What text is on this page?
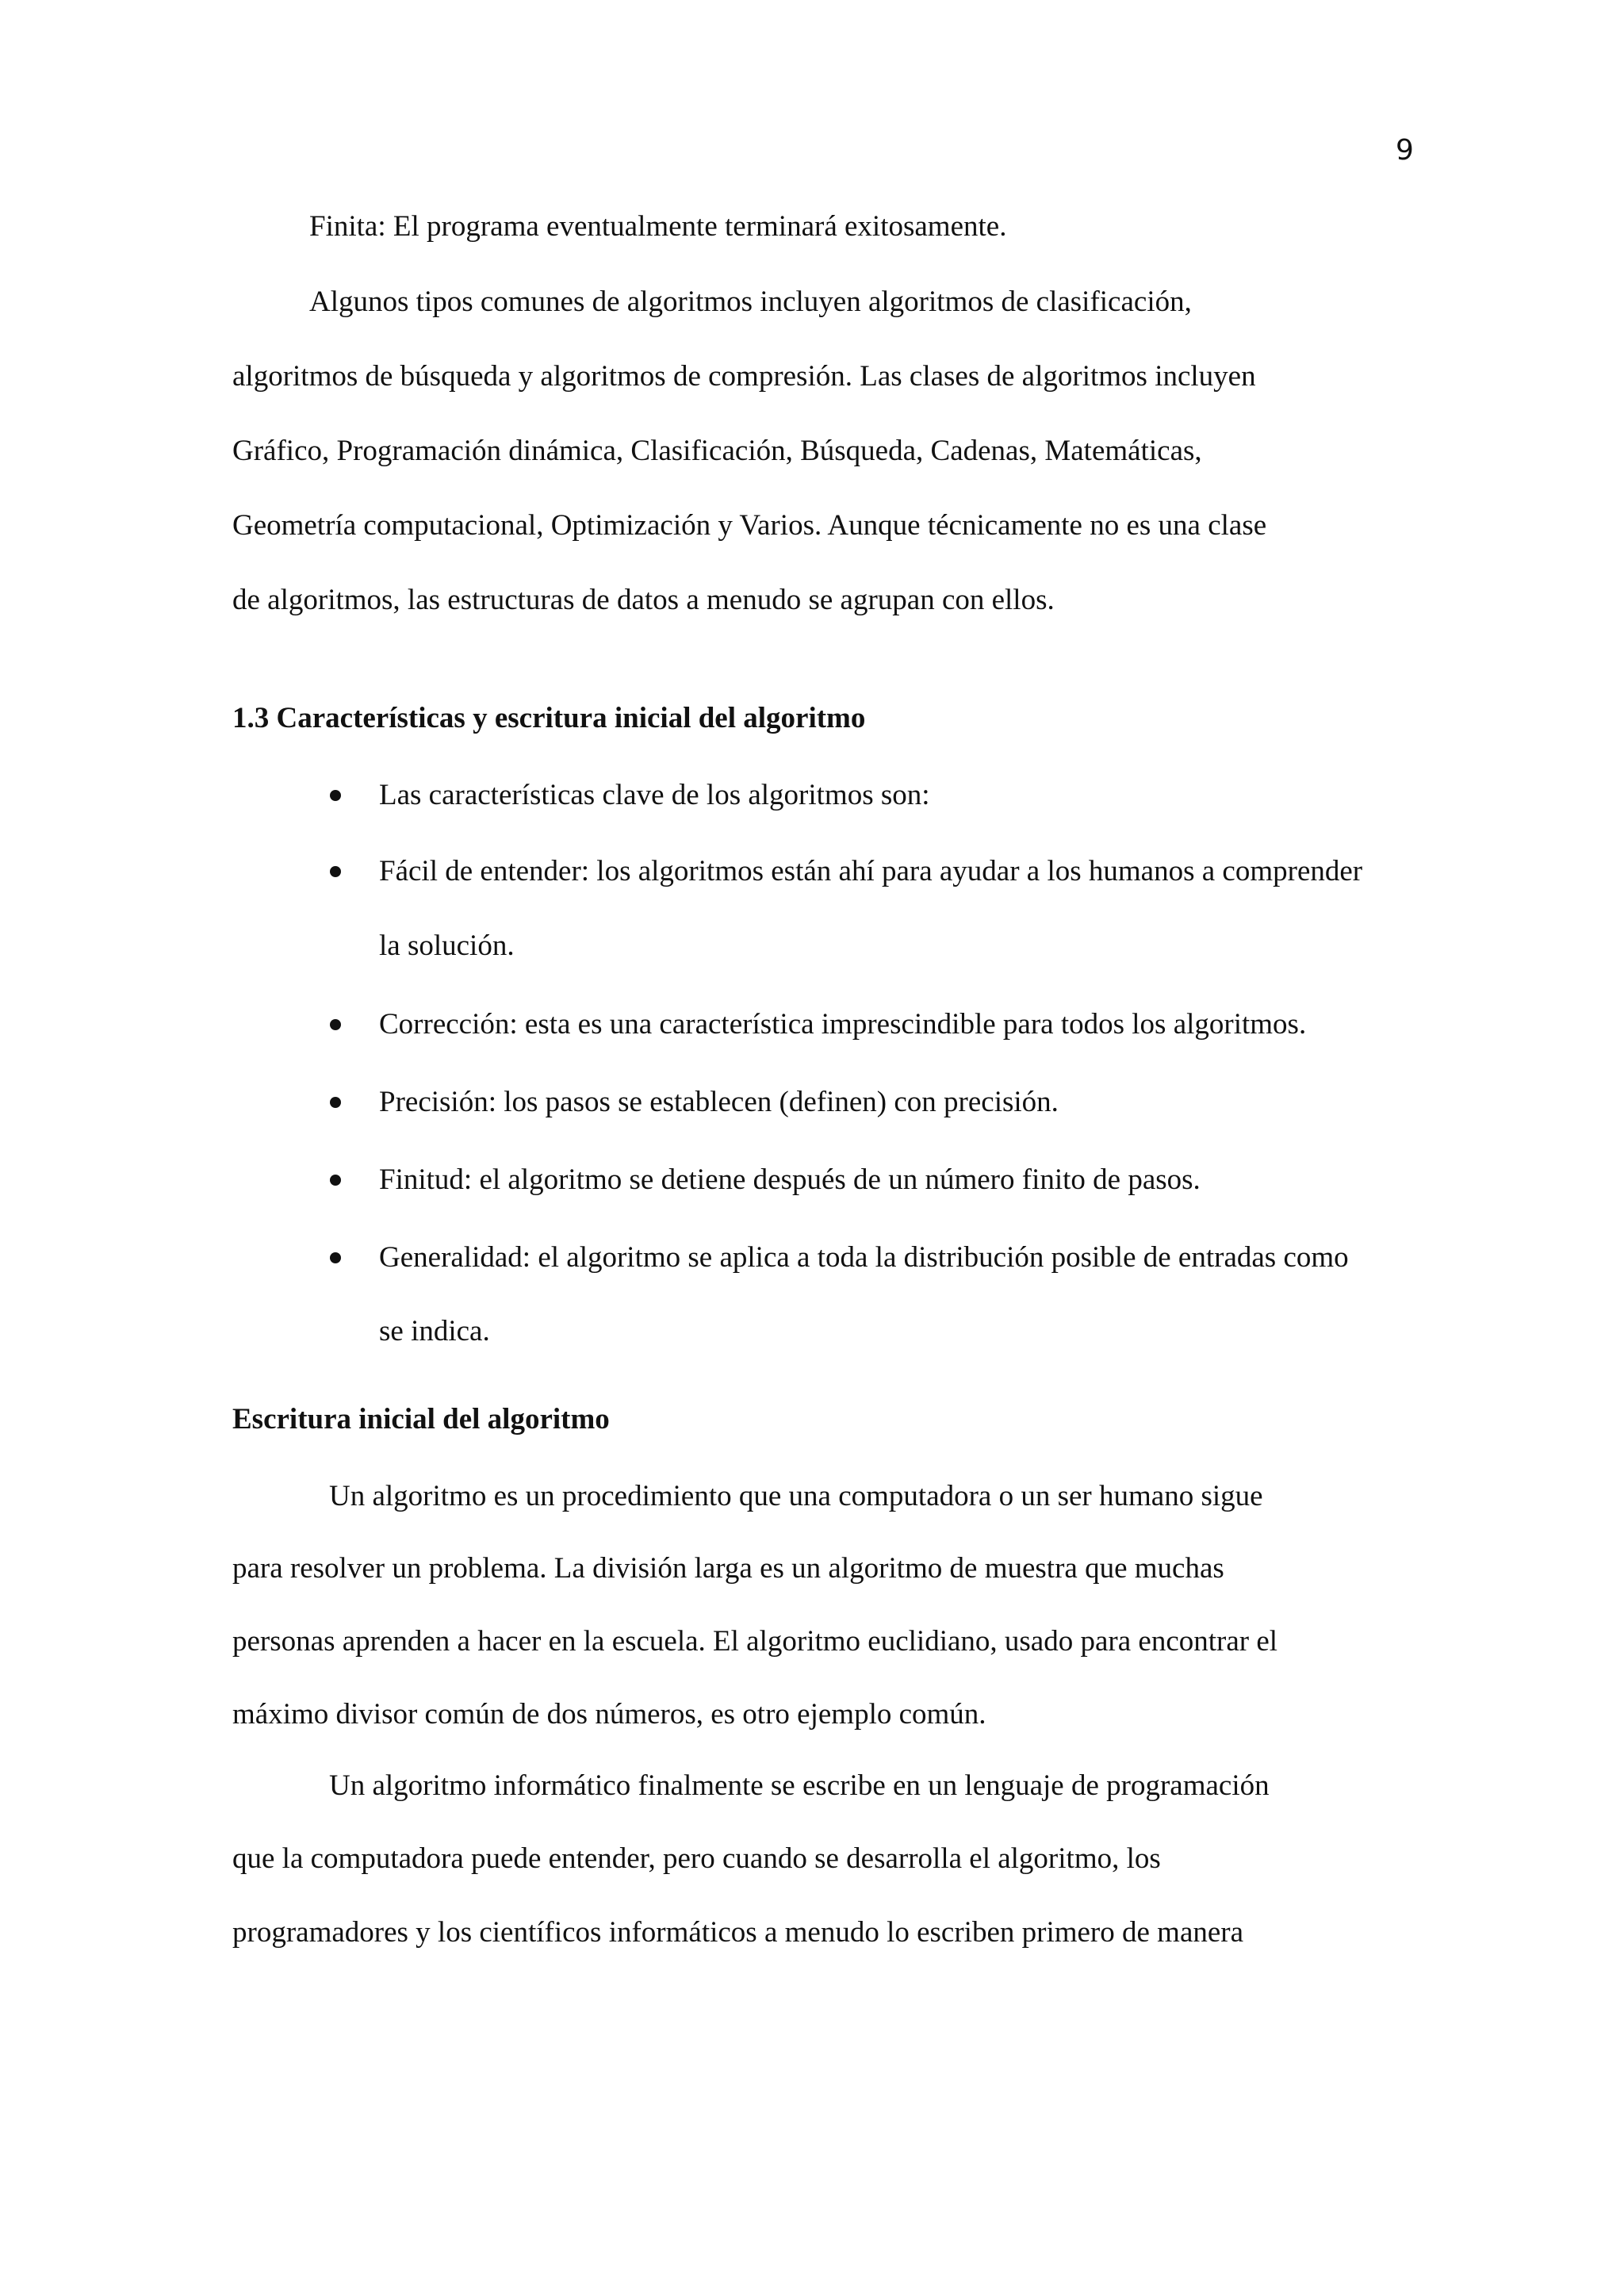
9
Finita: El programa eventualmente terminará exitosamente.
Algunos tipos comunes de algoritmos incluyen algoritmos de clasificación,
algoritmos de búsqueda y algoritmos de compresión. Las clases de algoritmos incluyen
Gráfico, Programación dinámica, Clasificación, Búsqueda, Cadenas, Matemáticas,
Geometría computacional, Optimización y Varios. Aunque técnicamente no es una clase
de algoritmos, las estructuras de datos a menudo se agrupan con ellos.
1.3 Características y escritura inicial del algoritmo
Las características clave de los algoritmos son:
Fácil de entender: los algoritmos están ahí para ayudar a los humanos a comprender
la solución.
Corrección: esta es una característica imprescindible para todos los algoritmos.
Precisión: los pasos se establecen (definen) con precisión.
Finitud: el algoritmo se detiene después de un número finito de pasos.
Generalidad: el algoritmo se aplica a toda la distribución posible de entradas como
se indica.
Escritura inicial del algoritmo
Un algoritmo es un procedimiento que una computadora o un ser humano sigue
para resolver un problema. La división larga es un algoritmo de muestra que muchas
personas aprenden a hacer en la escuela. El algoritmo euclidiano, usado para encontrar el
máximo divisor común de dos números, es otro ejemplo común.
Un algoritmo informático finalmente se escribe en un lenguaje de programación
que la computadora puede entender, pero cuando se desarrolla el algoritmo, los
programadores y los científicos informáticos a menudo lo escriben primero de manera
